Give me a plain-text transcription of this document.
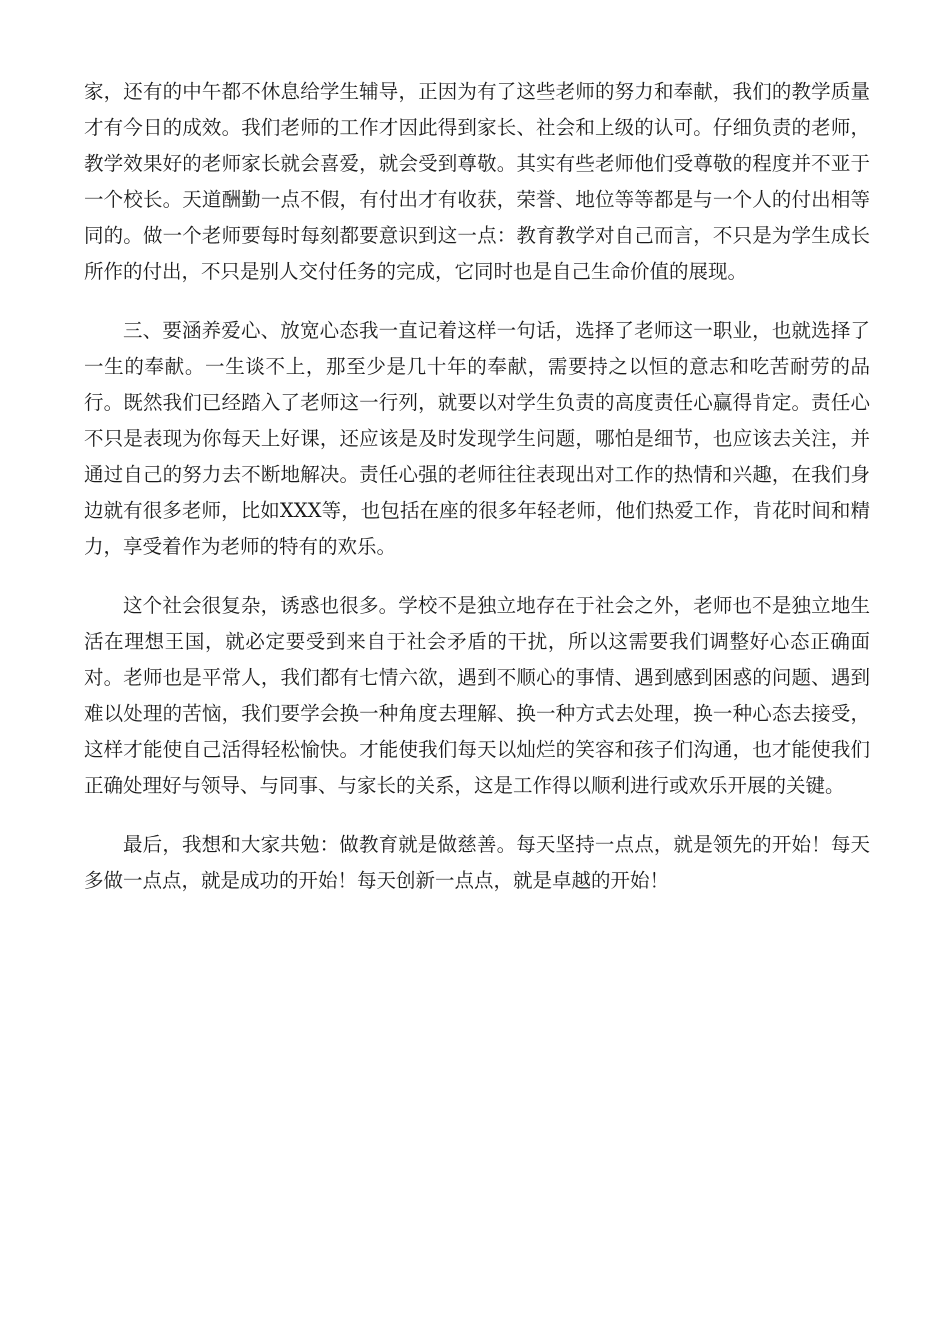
家，还有的中午都不休息给学生辅导，正因为有了这些老师的努力和奉献，我们的教学质量才有今日的成效。我们老师的工作才因此得到家长、社会和上级的认可。仔细负责的老师，教学效果好的老师家长就会喜爱，就会受到尊敬。其实有些老师他们受尊敬的程度并不亚于一个校长。天道酬勤一点不假，有付出才有收获，荣誉、地位等等都是与一个人的付出相等同的。做一个老师要每时每刻都要意识到这一点：教育教学对自己而言，不只是为学生成长所作的付出，不只是别人交付任务的完成，它同时也是自己生命价值的展现。

三、要涵养爱心、放宽心态我一直记着这样一句话，选择了老师这一职业，也就选择了一生的奉献。一生谈不上，那至少是几十年的奉献，需要持之以恒的意志和吃苦耐劳的品行。既然我们已经踏入了老师这一行列，就要以对学生负责的高度责任心赢得肯定。责任心不只是表现为你每天上好课，还应该是及时发现学生问题，哪怕是细节，也应该去关注，并通过自己的努力去不断地解决。责任心强的老师往往表现出对工作的热情和兴趣，在我们身边就有很多老师，比如XXX等，也包括在座的很多年轻老师，他们热爱工作，肯花时间和精力，享受着作为老师的特有的欢乐。

这个社会很复杂，诱惑也很多。学校不是独立地存在于社会之外，老师也不是独立地生活在理想王国，就必定要受到来自于社会矛盾的干扰，所以这需要我们调整好心态正确面对。老师也是平常人，我们都有七情六欲，遇到不顺心的事情、遇到感到困惑的问题、遇到难以处理的苦恼，我们要学会换一种角度去理解、换一种方式去处理，换一种心态去接受，这样才能使自己活得轻松愉快。才能使我们每天以灿烂的笑容和孩子们沟通，也才能使我们正确处理好与领导、与同事、与家长的关系，这是工作得以顺利进行或欢乐开展的关键。

最后，我想和大家共勉：做教育就是做慈善。每天坚持一点点，就是领先的开始！每天多做一点点，就是成功的开始！每天创新一点点，就是卓越的开始！
